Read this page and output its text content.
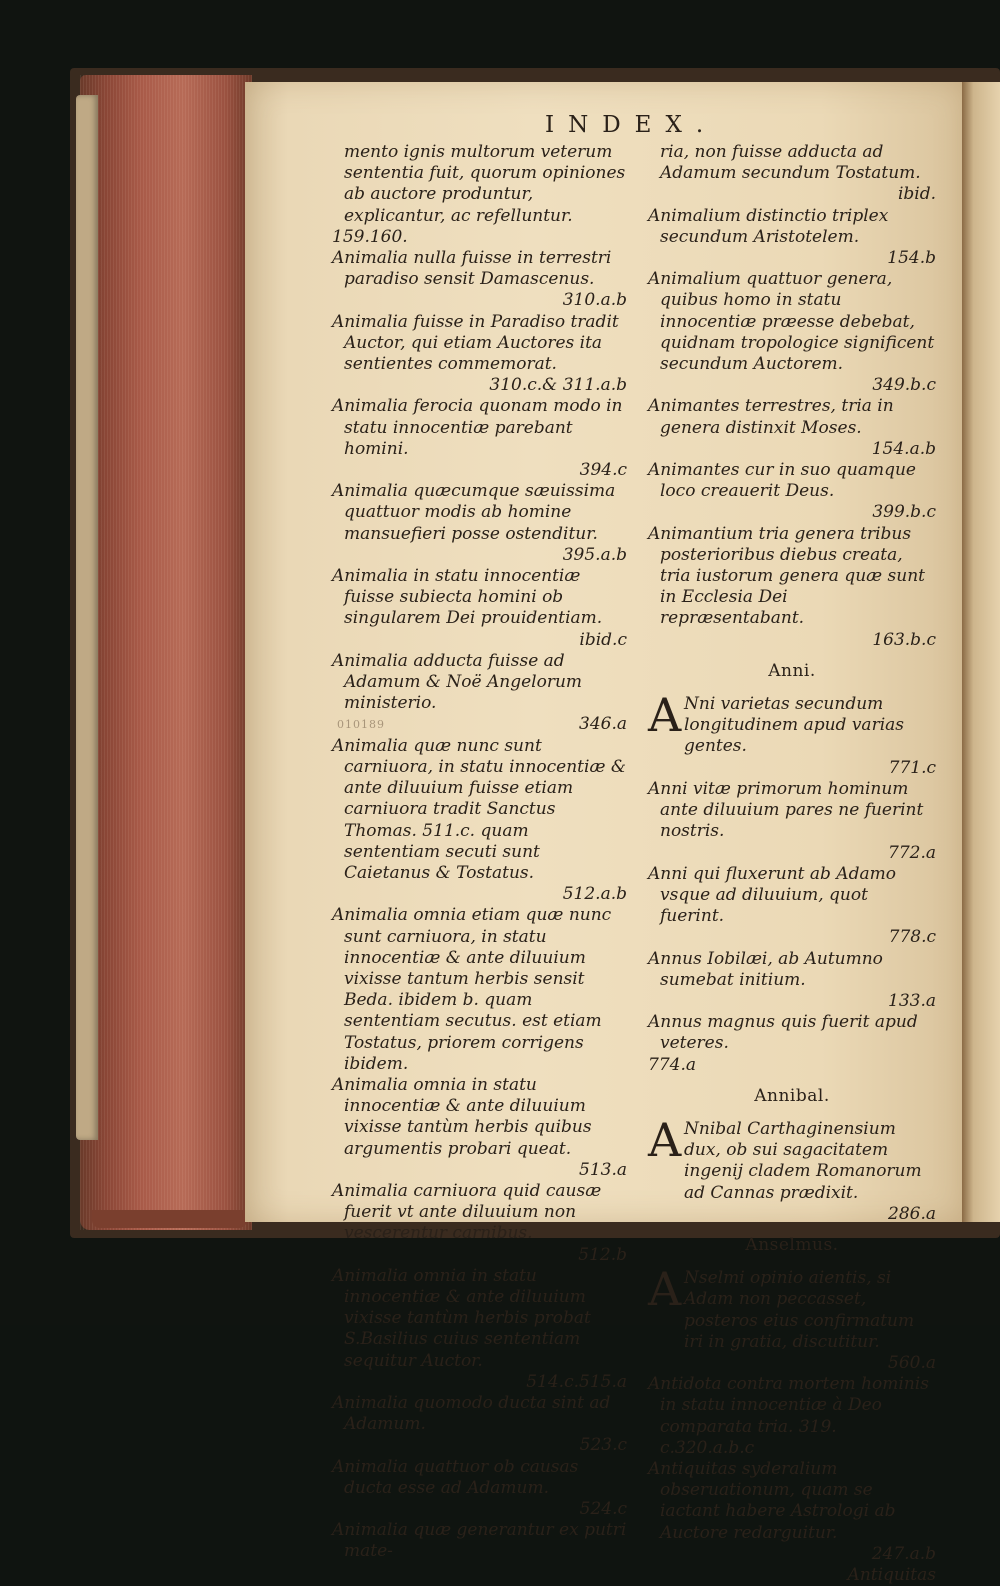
INDEX.
mento ignis multorum veterum sententia fuit, quorum opiniones ab auctore produntur, explicantur, ac refelluntur.
159.160.
Animalia nulla fuisse in terrestri paradiso sensit Damascenus.
310.a.b
Animalia fuisse in Paradiso tradit Auctor, qui etiam Auctores ita sentientes commemorat.
310.c.& 311.a.b
Animalia ferocia quonam modo in statu innocentiæ parebant homini.
394.c
Animalia quæcumque sæuissima quattuor modis ab homine mansuefieri posse ostenditur.
395.a.b
Animalia in statu innocentiæ fuisse subiecta homini ob singularem Dei prouidentiam.
ibid.c
Animalia adducta fuisse ad Adamum & Noë Angelorum ministerio.
346.a
Animalia quæ nunc sunt carniuora, in statu innocentiæ & ante diluuium fuisse etiam carniuora tradit Sanctus Thomas. 511.c. quam sententiam secuti sunt Caietanus & Tostatus.
512.a.b
Animalia omnia etiam quæ nunc sunt carniuora, in statu innocentiæ & ante diluuium vixisse tantum herbis sensit Beda. ibidem b. quam sententiam secutus. est etiam Tostatus, priorem corrigens ibidem.
Animalia omnia in statu innocentiæ & ante diluuium vixisse tantùm herbis quibus argumentis probari queat.
513.a
Animalia carniuora quid causæ fuerit vt ante diluuium non vescerentur carnibus.
512.b
Animalia omnia in statu innocentiæ & ante diluuium vixisse tantùm herbis probat S.Basilius cuius sententiam sequitur Auctor.
514.c.515.a
Animalia quomodo ducta sint ad Adamum.
523.c
Animalia quattuor ob causas ducta esse ad Adamum.
524.c
Animalia quæ generantur ex putri mate-
010189
ria, non fuisse adducta ad Adamum secundum Tostatum.
ibid.
Animalium distinctio triplex secundum Aristotelem.
154.b
Animalium quattuor genera, quibus homo in statu innocentiæ præesse debebat, quidnam tropologice significent secundum Auctorem.
349.b.c
Animantes terrestres, tria in genera distinxit Moses.
154.a.b
Animantes cur in suo quamque loco creauerit Deus.
399.b.c
Animantium tria genera tribus posterioribus diebus creata, tria iustorum genera quæ sunt in Ecclesia Dei repræsentabant.
163.b.c
Anni.
A Nni varietas secundum longitudinem apud varias gentes.
771.c
Anni vitæ primorum hominum ante diluuium pares ne fuerint nostris.
772.a
Anni qui fluxerunt ab Adamo vsque ad diluuium, quot fuerint.
778.c
Annus Iobilæi, ab Autumno sumebat initium.
133.a
Annus magnus quis fuerit apud veteres.
774.a
Annibal.
A Nnibal Carthaginensium dux, ob sui sagacitatem ingenij cladem Romanorum ad Cannas prædixit.
286.a
Anselmus.
A Nselmi opinio aientis, si Adam non peccasset, posteros eius confirmatum iri in gratia, discutitur.
560.a
Antidota contra mortem hominis in statu innocentiæ à Deo comparata tria. 319. c.320.a.b.c
Antiquitas syderalium obseruationum, quam se iactant habere Astrologi ab Auctore redarguitur.
247.a.b
Antiquitas
